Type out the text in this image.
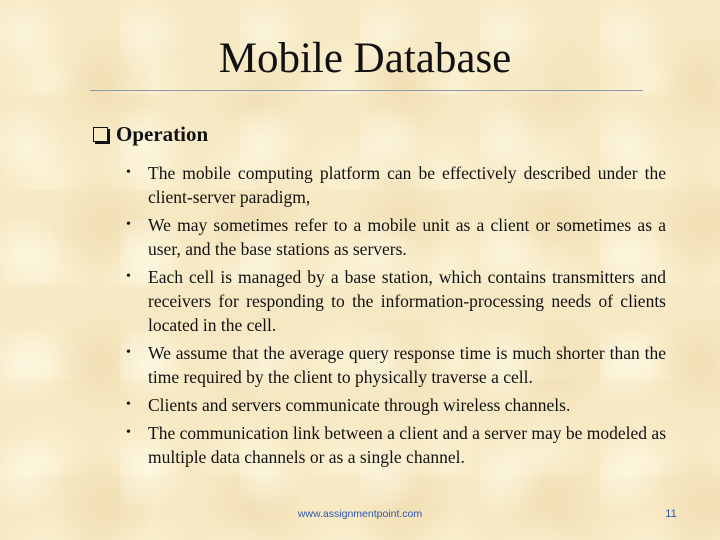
Mobile Database
Operation
• The mobile computing platform can be effectively described under the client-server paradigm,
• We may sometimes refer to a mobile unit as a client or sometimes as a user, and the base stations as servers.
• Each cell is managed by a base station, which contains transmitters and receivers for responding to the information-processing needs of clients located in the cell.
• We assume that the average query response time is much shorter than the time required by the client to physically traverse a cell.
• Clients and servers communicate through wireless channels.
• The communication link between a client and a server may be modeled as multiple data channels or as a single channel.
www.assignmentpoint.com	11
